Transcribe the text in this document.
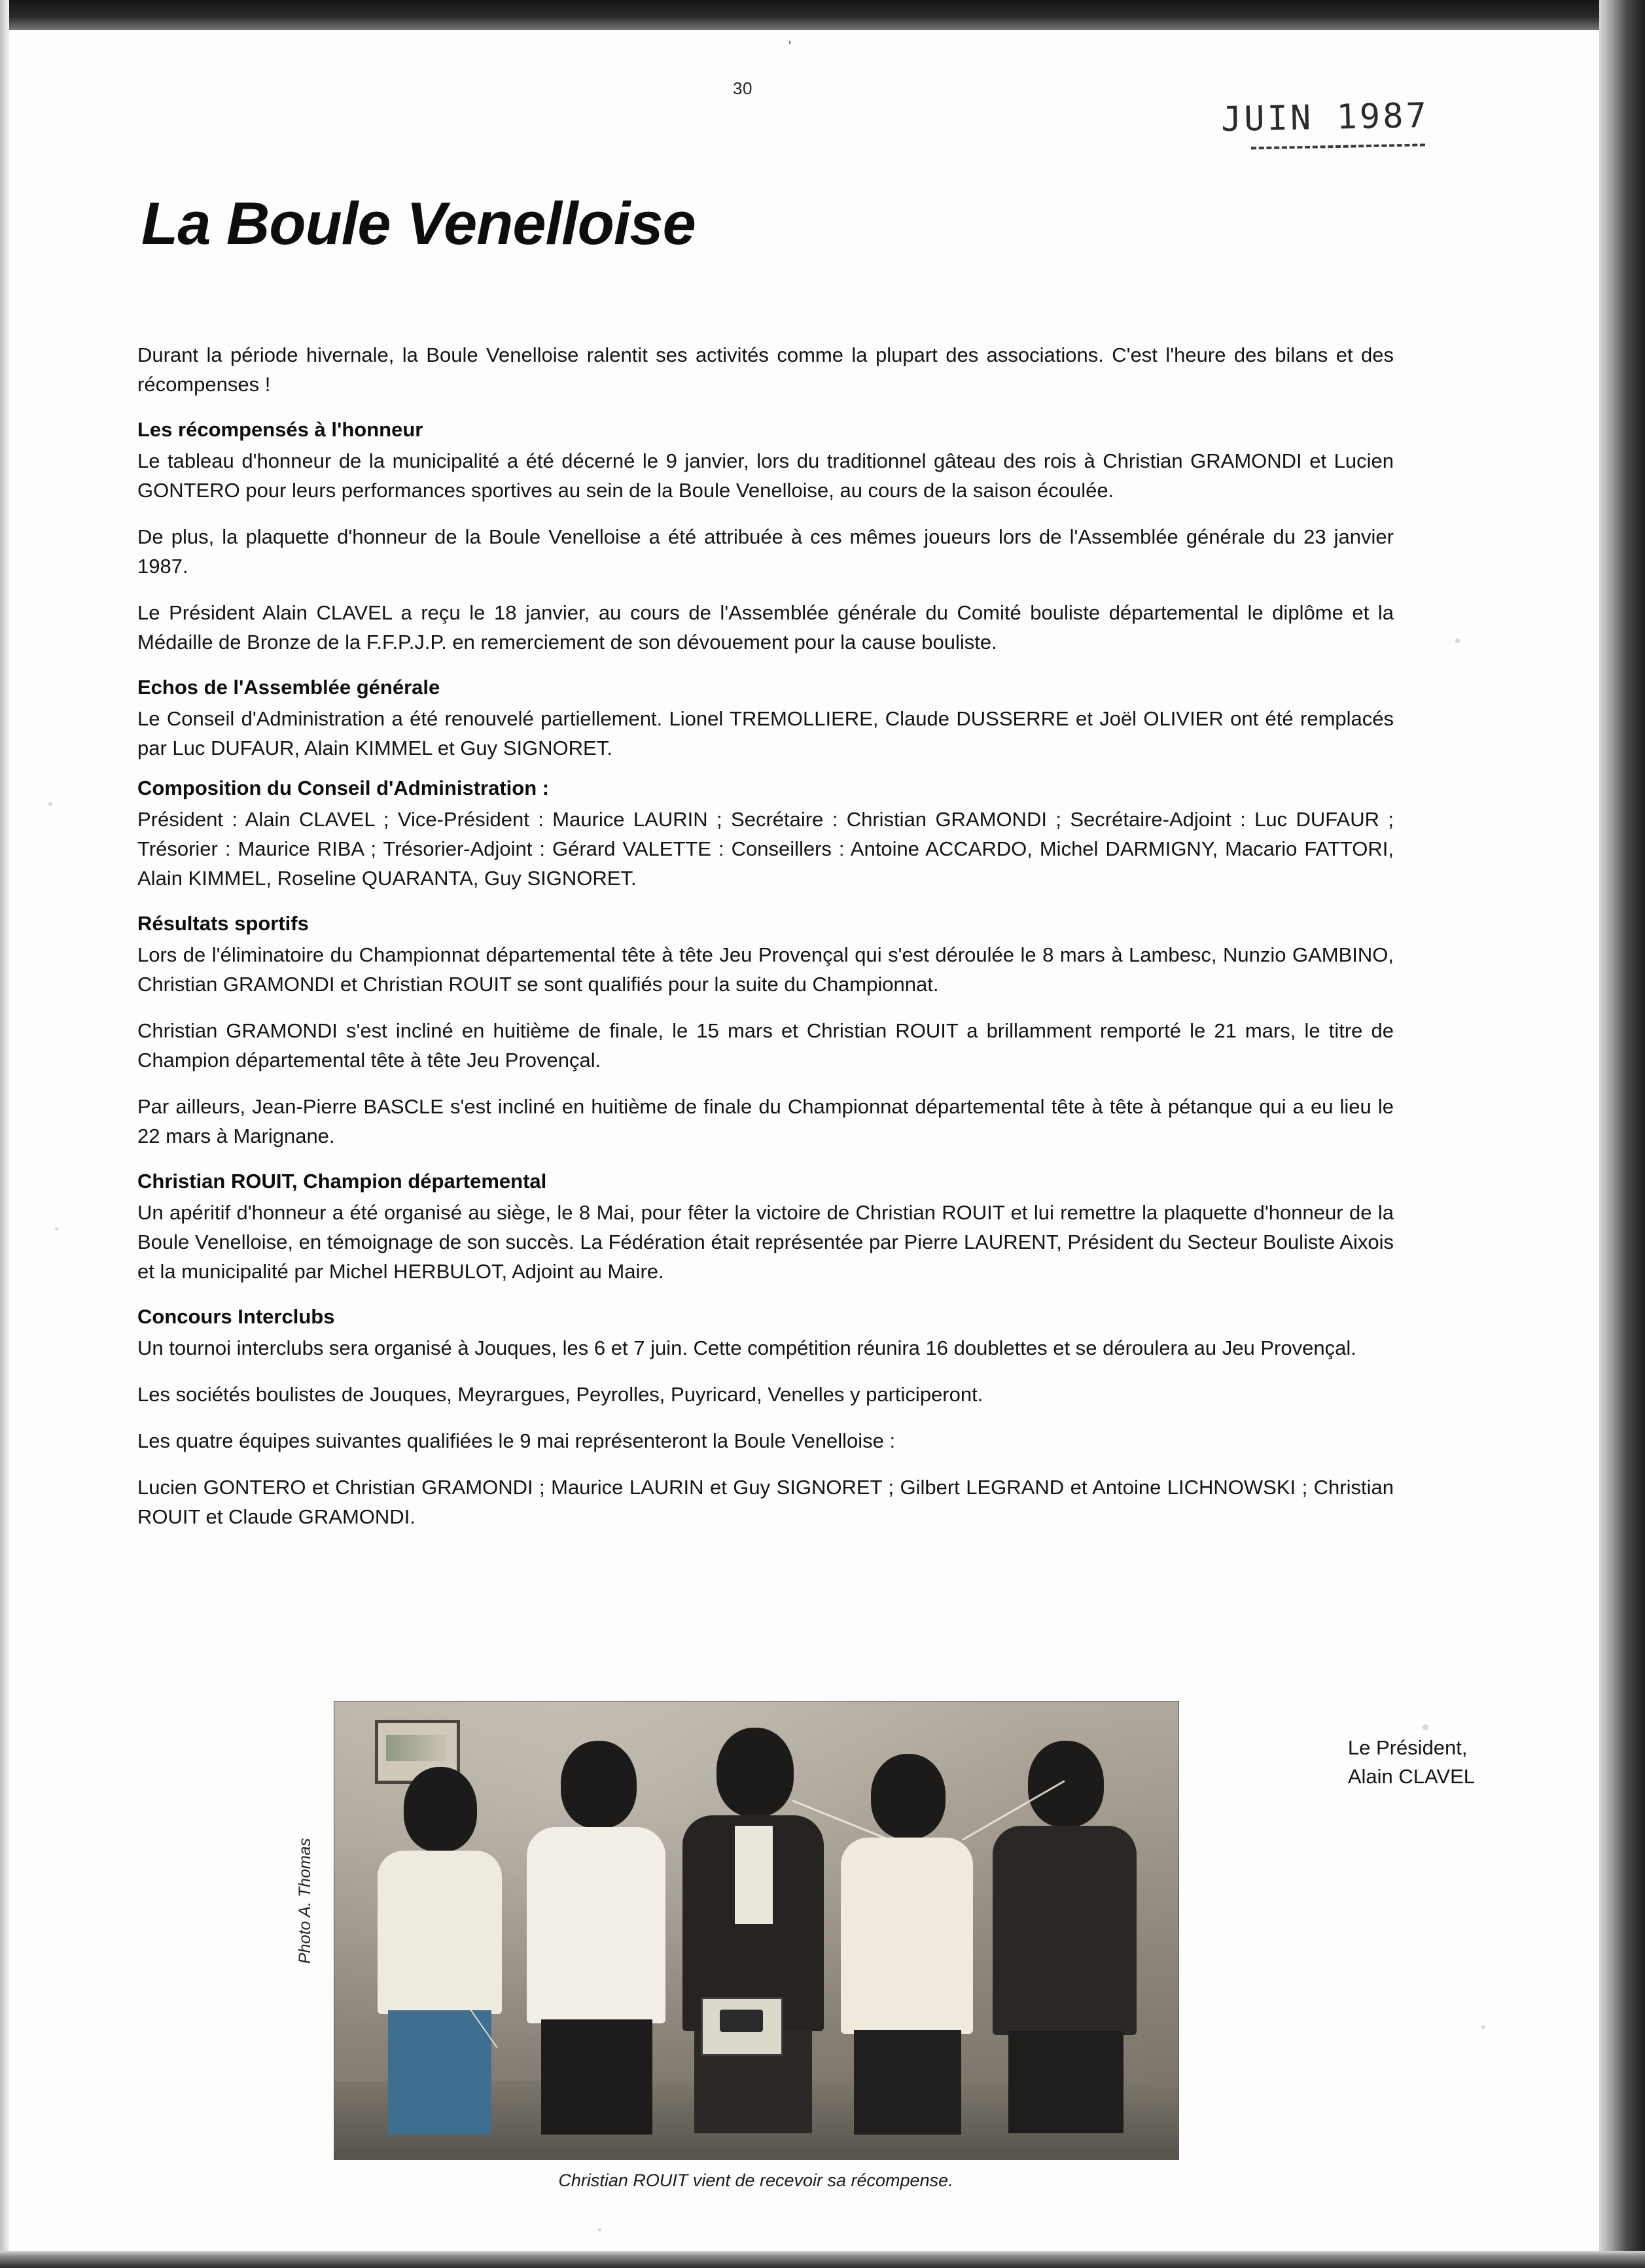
'
30
JUIN 1987
La Boule Venelloise

Durant la période hivernale, la Boule Venelloise ralentit ses activités comme la plupart des associations. C'est l'heure des bilans et des récompenses !

Les récompensés à l'honneur

Le tableau d'honneur de la municipalité a été décerné le 9 janvier, lors du traditionnel gâteau des rois à Christian GRAMONDI et Lucien GONTERO pour leurs performances sportives au sein de la Boule Venelloise, au cours de la saison écoulée.

De plus, la plaquette d'honneur de la Boule Venelloise a été attribuée à ces mêmes joueurs lors de l'Assemblée générale du 23 janvier 1987.

Le Président Alain CLAVEL a reçu le 18 janvier, au cours de l'Assemblée générale du Comité bouliste départemental le diplôme et la Médaille de Bronze de la F.F.P.J.P. en remerciement de son dévouement pour la cause bouliste.

Echos de l'Assemblée générale

Le Conseil d'Administration a été renouvelé partiellement. Lionel TREMOLLIERE, Claude DUSSERRE et Joël OLIVIER ont été remplacés par Luc DUFAUR, Alain KIMMEL et Guy SIGNORET.

Composition du Conseil d'Administration :

Président : Alain CLAVEL ; Vice-Président : Maurice LAURIN ; Secrétaire : Christian GRAMONDI ; Secrétaire-Adjoint : Luc DUFAUR ; Trésorier : Maurice RIBA ; Trésorier-Adjoint : Gérard VALETTE : Conseillers : Antoine ACCARDO, Michel DARMIGNY, Macario FATTORI, Alain KIMMEL, Roseline QUARANTA, Guy SIGNORET.

Résultats sportifs

Lors de l'éliminatoire du Championnat départemental tête à tête Jeu Provençal qui s'est déroulée le 8 mars à Lambesc, Nunzio GAMBINO, Christian GRAMONDI et Christian ROUIT se sont qualifiés pour la suite du Championnat.

Christian GRAMONDI s'est incliné en huitième de finale, le 15 mars et Christian ROUIT a brillamment remporté le 21 mars, le titre de Champion départemental tête à tête Jeu Provençal.

Par ailleurs, Jean-Pierre BASCLE s'est incliné en huitième de finale du Championnat départemental tête à tête à pétanque qui a eu lieu le 22 mars à Marignane.

Christian ROUIT, Champion départemental

Un apéritif d'honneur a été organisé au siège, le 8 Mai, pour fêter la victoire de Christian ROUIT et lui remettre la plaquette d'honneur de la Boule Venelloise, en témoignage de son succès. La Fédération était représentée par Pierre LAURENT, Président du Secteur Bouliste Aixois et la municipalité par Michel HERBULOT, Adjoint au Maire.

Concours Interclubs

Un tournoi interclubs sera organisé à Jouques, les 6 et 7 juin. Cette compétition réunira 16 doublettes et se déroulera au Jeu Provençal.

Les sociétés boulistes de Jouques, Meyrargues, Peyrolles, Puyricard, Venelles y participeront.

Les quatre équipes suivantes qualifiées le 9 mai représenteront la Boule Venelloise :

Lucien GONTERO et Christian GRAMONDI ; Maurice LAURIN et Guy SIGNORET ; Gilbert LEGRAND et Antoine LICHNOWSKI ; Christian ROUIT et Claude GRAMONDI.

Le Président,
Alain CLAVEL
Photo A. Thomas
Christian ROUIT vient de recevoir sa récompense.
